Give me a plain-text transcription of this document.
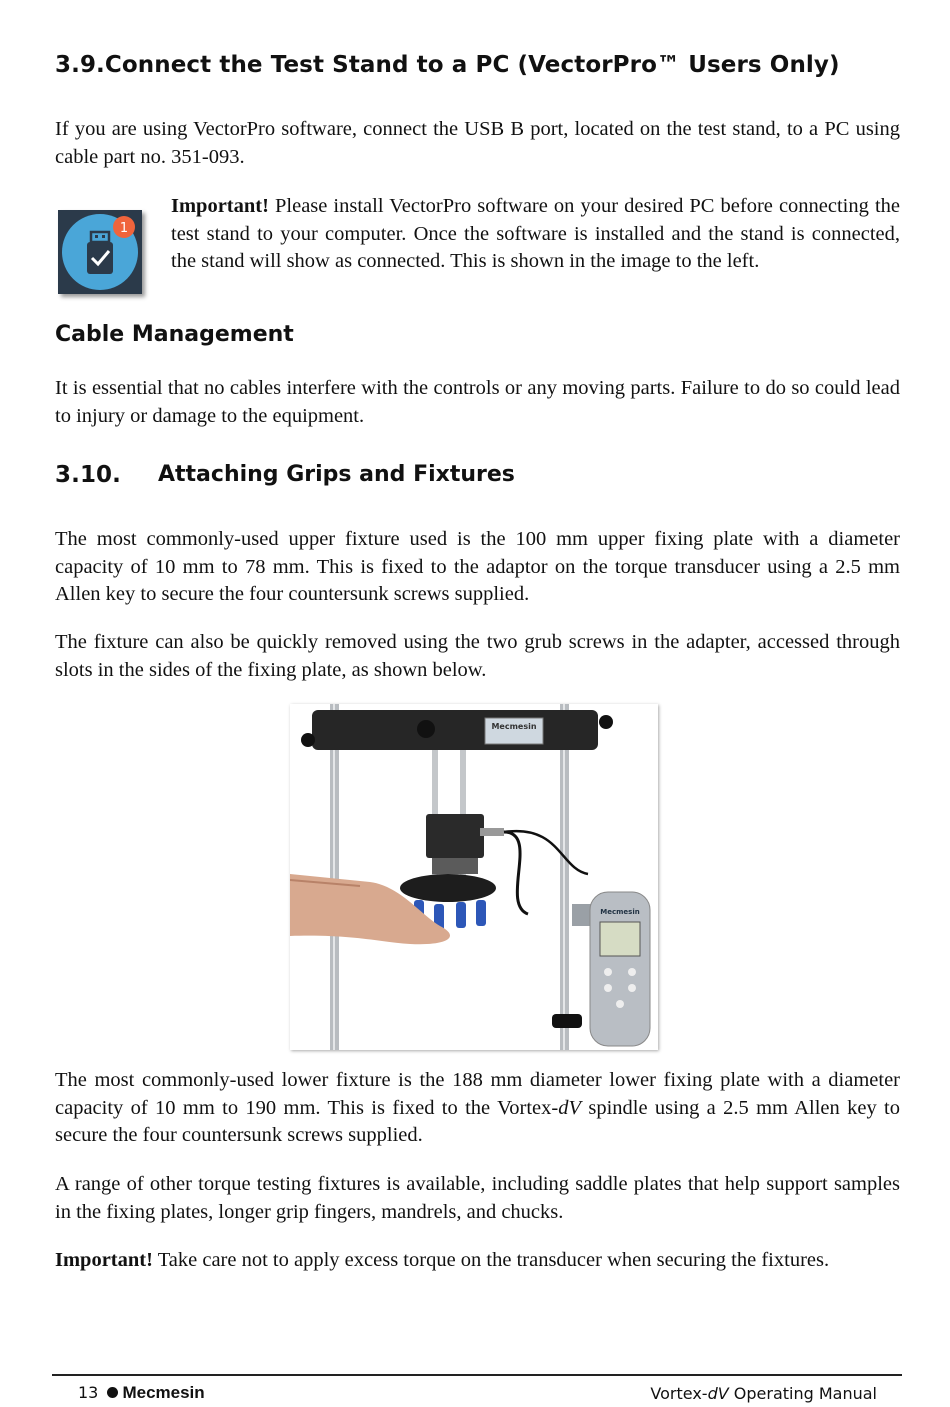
3.9.Connect the Test Stand to a PC (VectorPro™ Users Only)

If you are using VectorPro software, connect the USB B port, located on the test stand, to a PC using cable part no. 351-093.

1

Important! Please install VectorPro software on your desired PC before connecting the test stand to your computer. Once the software is installed and the stand is connected, the stand will show as connected. This is shown in the image to the left.

Cable Management

It is essential that no cables interfere with the controls or any moving parts. Failure to do so could lead to injury or damage to the equipment.

3.10. Attaching Grips and Fixtures

The most commonly-used upper fixture used is the 100 mm upper fixing plate with a diameter capacity of 10 mm to 78 mm. This is fixed to the adaptor on the torque transducer using a 2.5 mm Allen key to secure the four countersunk screws supplied.

The fixture can also be quickly removed using the two grub screws in the adapter, accessed through slots in the sides of the fixing plate, as shown below.

Mecmesin
Mecmesin

The most commonly-used lower fixture is the 188 mm diameter lower fixing plate with a diameter capacity of 10 mm to 190 mm. This is fixed to the Vortex-dV spindle using a 2.5 mm Allen key to secure the four countersunk screws supplied.

A range of other torque testing fixtures is available, including saddle plates that help support samples in the fixing plates, longer grip fingers, mandrels, and chucks.

Important! Take care not to apply excess torque on the transducer when securing the fixtures.

13 Mecmesin	Vortex-dV Operating Manual
